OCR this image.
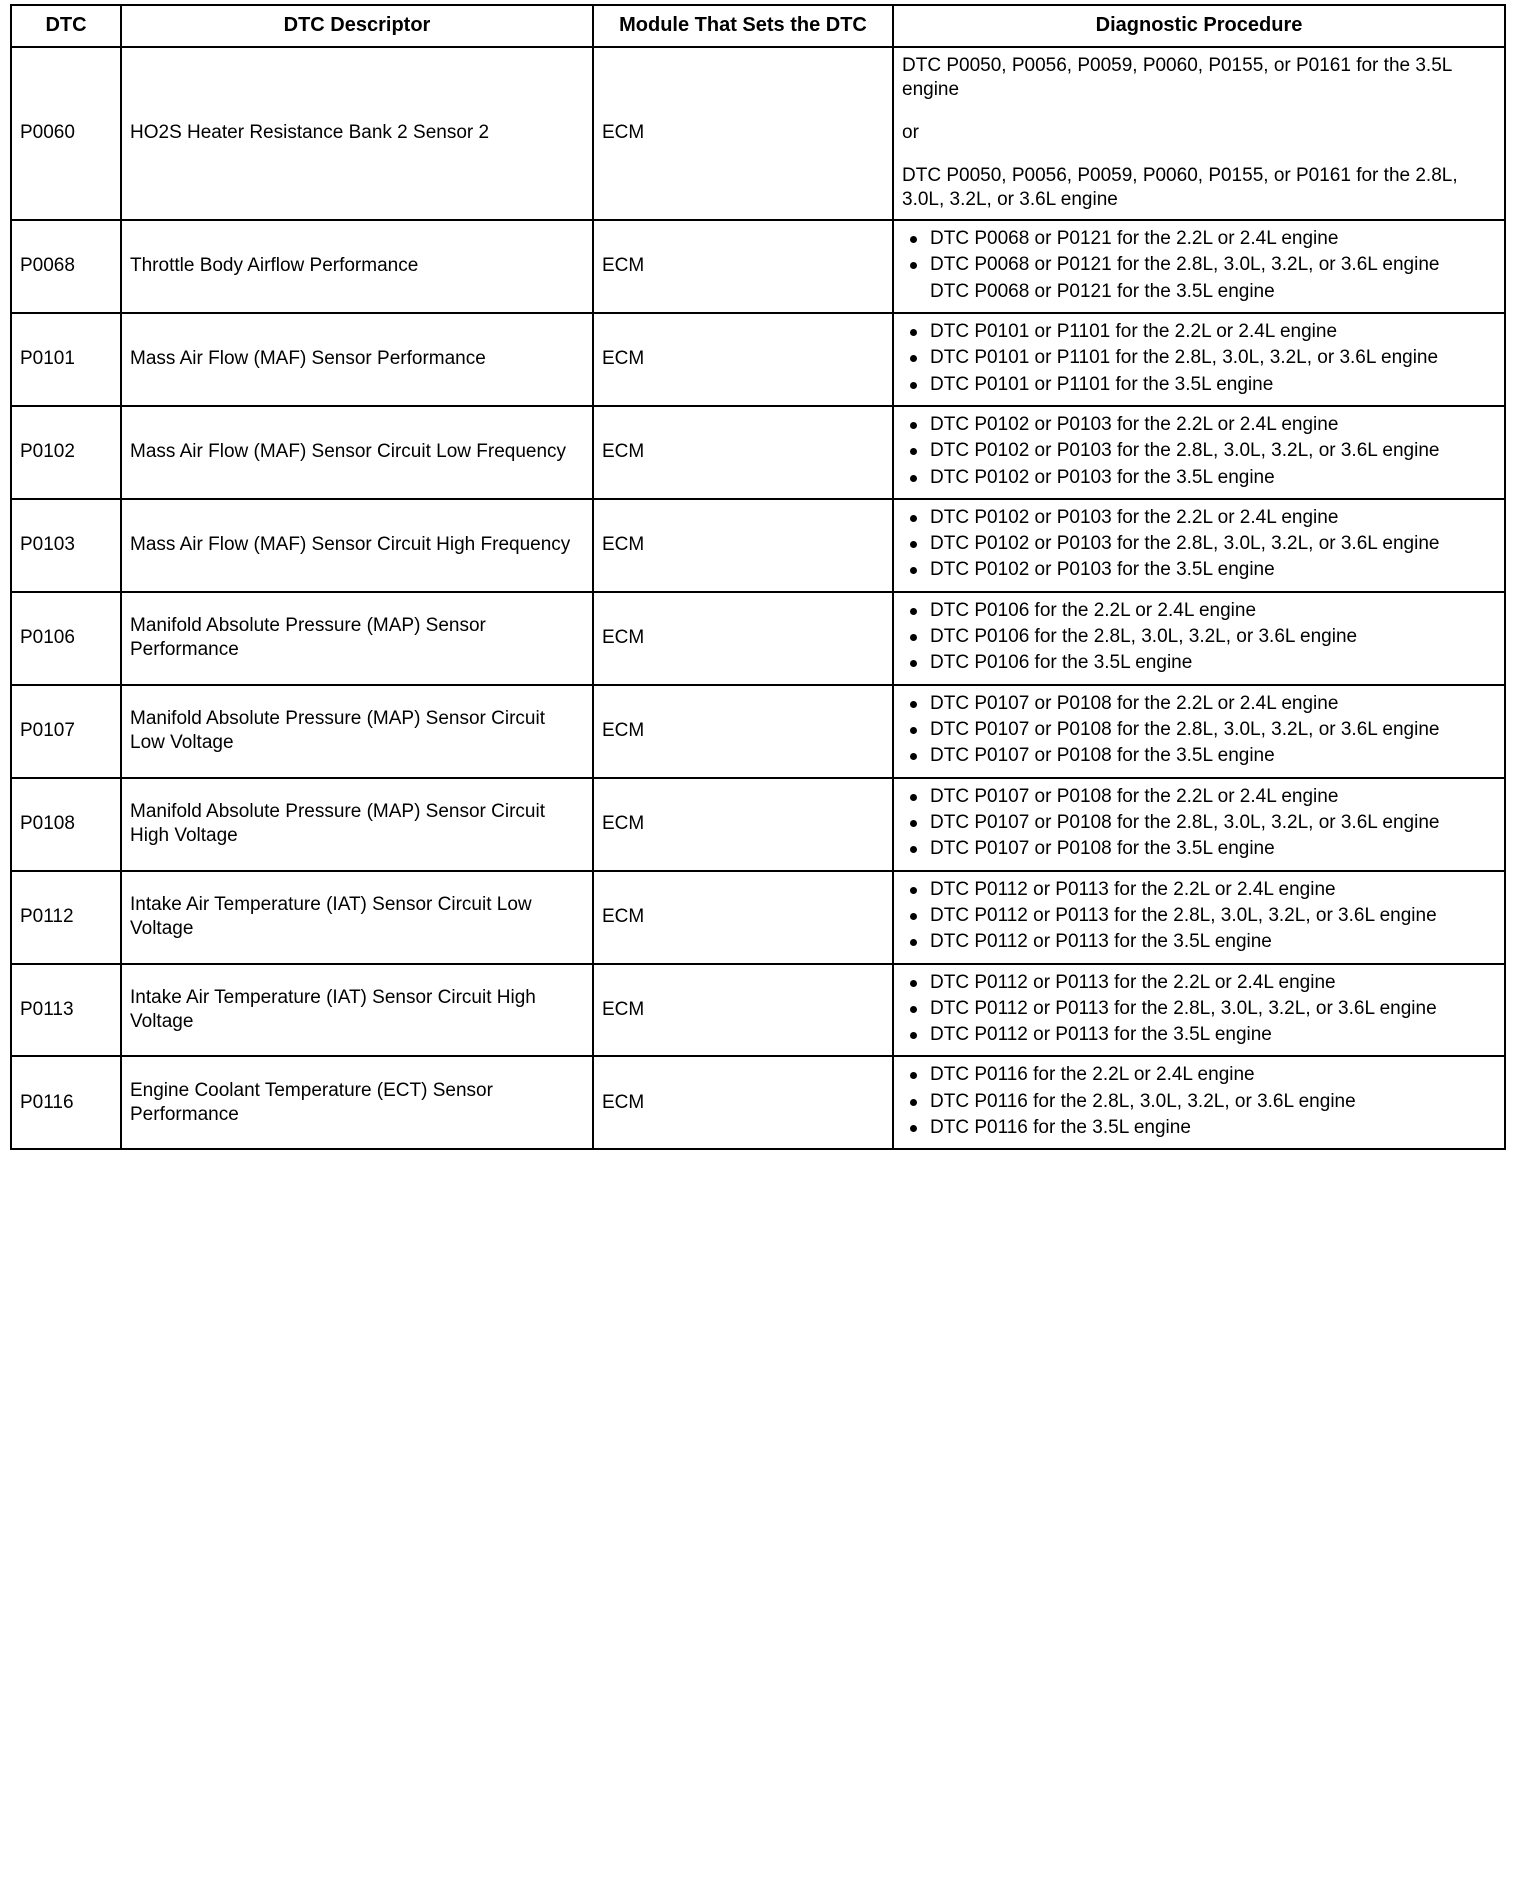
DTC	DTC Descriptor	Module That Sets the DTC	Diagnostic Procedure
P0060	HO2S Heater Resistance Bank 2 Sensor 2	ECM	DTC P0050, P0056, P0059, P0060, P0155, or P0161 for the 3.5L engine
or
DTC P0050, P0056, P0059, P0060, P0155, or P0161 for the 2.8L, 3.0L, 3.2L, or 3.6L engine

P0068	Throttle Body Airflow Performance	ECM	
DTC P0068 or P0121 for the 2.2L or 2.4L engine
DTC P0068 or P0121 for the 2.8L, 3.0L, 3.2L, or 3.6L engine
DTC P0068 or P0121 for the 3.5L engine

P0101	Mass Air Flow (MAF) Sensor Performance	ECM	
DTC P0101 or P1101 for the 2.2L or 2.4L engine
DTC P0101 or P1101 for the 2.8L, 3.0L, 3.2L, or 3.6L engine
DTC P0101 or P1101 for the 3.5L engine

P0102	Mass Air Flow (MAF) Sensor Circuit Low Frequency	ECM	
DTC P0102 or P0103 for the 2.2L or 2.4L engine
DTC P0102 or P0103 for the 2.8L, 3.0L, 3.2L, or 3.6L engine
DTC P0102 or P0103 for the 3.5L engine

P0103	Mass Air Flow (MAF) Sensor Circuit High Frequency	ECM	
DTC P0102 or P0103 for the 2.2L or 2.4L engine
DTC P0102 or P0103 for the 2.8L, 3.0L, 3.2L, or 3.6L engine
DTC P0102 or P0103 for the 3.5L engine

P0106	Manifold Absolute Pressure (MAP) Sensor Performance	ECM	
DTC P0106 for the 2.2L or 2.4L engine
DTC P0106 for the 2.8L, 3.0L, 3.2L, or 3.6L engine
DTC P0106 for the 3.5L engine

P0107	Manifold Absolute Pressure (MAP) Sensor Circuit Low Voltage	ECM	
DTC P0107 or P0108 for the 2.2L or 2.4L engine
DTC P0107 or P0108 for the 2.8L, 3.0L, 3.2L, or 3.6L engine
DTC P0107 or P0108 for the 3.5L engine

P0108	Manifold Absolute Pressure (MAP) Sensor Circuit High Voltage	ECM	
DTC P0107 or P0108 for the 2.2L or 2.4L engine
DTC P0107 or P0108 for the 2.8L, 3.0L, 3.2L, or 3.6L engine
DTC P0107 or P0108 for the 3.5L engine

P0112	Intake Air Temperature (IAT) Sensor Circuit Low Voltage	ECM	
DTC P0112 or P0113 for the 2.2L or 2.4L engine
DTC P0112 or P0113 for the 2.8L, 3.0L, 3.2L, or 3.6L engine
DTC P0112 or P0113 for the 3.5L engine

P0113	Intake Air Temperature (IAT) Sensor Circuit High Voltage	ECM	
DTC P0112 or P0113 for the 2.2L or 2.4L engine
DTC P0112 or P0113 for the 2.8L, 3.0L, 3.2L, or 3.6L engine
DTC P0112 or P0113 for the 3.5L engine

P0116	Engine Coolant Temperature (ECT) Sensor Performance	ECM	
DTC P0116 for the 2.2L or 2.4L engine
DTC P0116 for the 2.8L, 3.0L, 3.2L, or 3.6L engine
DTC P0116 for the 3.5L engine
